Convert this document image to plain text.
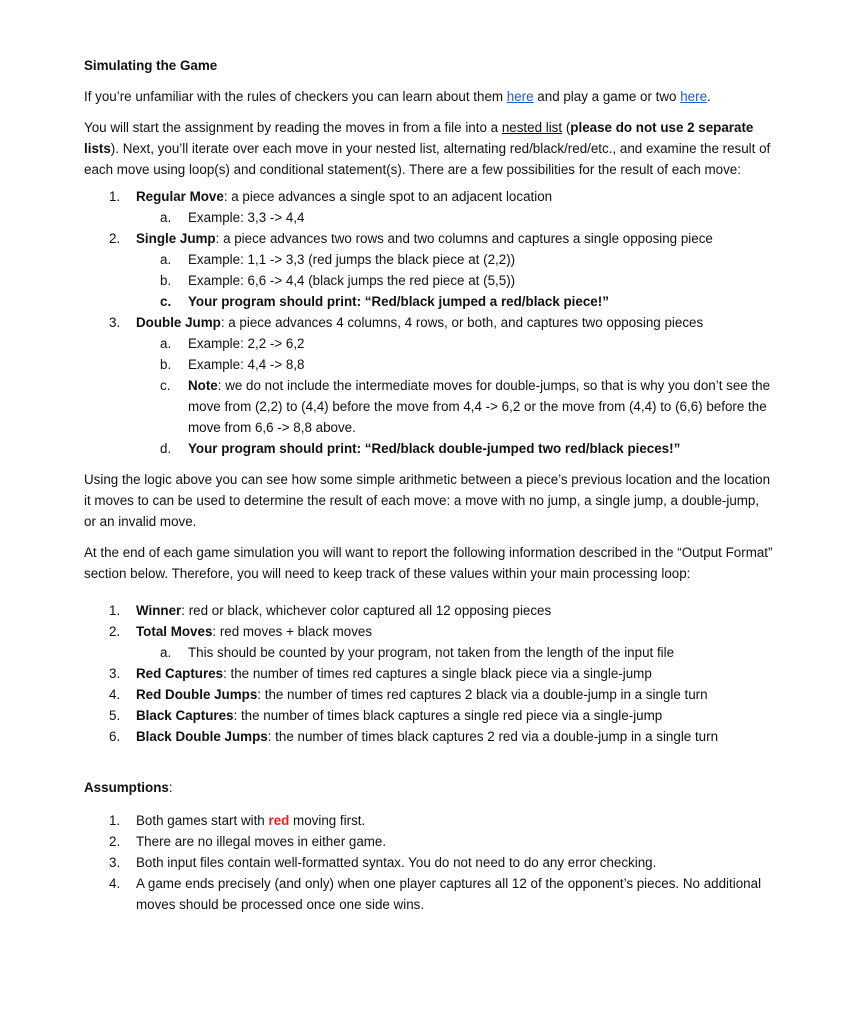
Simulating the Game

If you’re unfamiliar with the rules of checkers you can learn about them here and play a game or two here.

You will start the assignment by reading the moves in from a file into a nested list (please do not use 2 separate lists). Next, you’ll iterate over each move in your nested list, alternating red/black/red/etc., and examine the result of each move using loop(s) and conditional statement(s). There are a few possibilities for the result of each move:

1. Regular Move: a piece advances a single spot to an adjacent location
a. Example: 3,3 -> 4,4
2. Single Jump: a piece advances two rows and two columns and captures a single opposing piece
a. Example: 1,1 -> 3,3 (red jumps the black piece at (2,2))
b. Example: 6,6 -> 4,4 (black jumps the red piece at (5,5))
c. Your program should print: “Red/black jumped a red/black piece!”
3. Double Jump: a piece advances 4 columns, 4 rows, or both, and captures two opposing pieces
a. Example: 2,2 -> 6,2
b. Example: 4,4 -> 8,8
c. Note: we do not include the intermediate moves for double-jumps, so that is why you don’t see the move from (2,2) to (4,4) before the move from 4,4 -> 6,2 or the move from (4,4) to (6,6) before the move from 6,6 -> 8,8 above.
d. Your program should print: “Red/black double-jumped two red/black pieces!”

Using the logic above you can see how some simple arithmetic between a piece’s previous location and the location it moves to can be used to determine the result of each move: a move with no jump, a single jump, a double-jump, or an invalid move.

At the end of each game simulation you will want to report the following information described in the “Output Format” section below. Therefore, you will need to keep track of these values within your main processing loop:

1. Winner: red or black, whichever color captured all 12 opposing pieces
2. Total Moves: red moves + black moves
a. This should be counted by your program, not taken from the length of the input file
3. Red Captures: the number of times red captures a single black piece via a single-jump
4. Red Double Jumps: the number of times red captures 2 black via a double-jump in a single turn
5. Black Captures: the number of times black captures a single red piece via a single-jump
6. Black Double Jumps: the number of times black captures 2 red via a double-jump in a single turn

Assumptions:

1. Both games start with red moving first.
2. There are no illegal moves in either game.
3. Both input files contain well-formatted syntax. You do not need to do any error checking.
4. A game ends precisely (and only) when one player captures all 12 of the opponent’s pieces. No additional moves should be processed once one side wins.
